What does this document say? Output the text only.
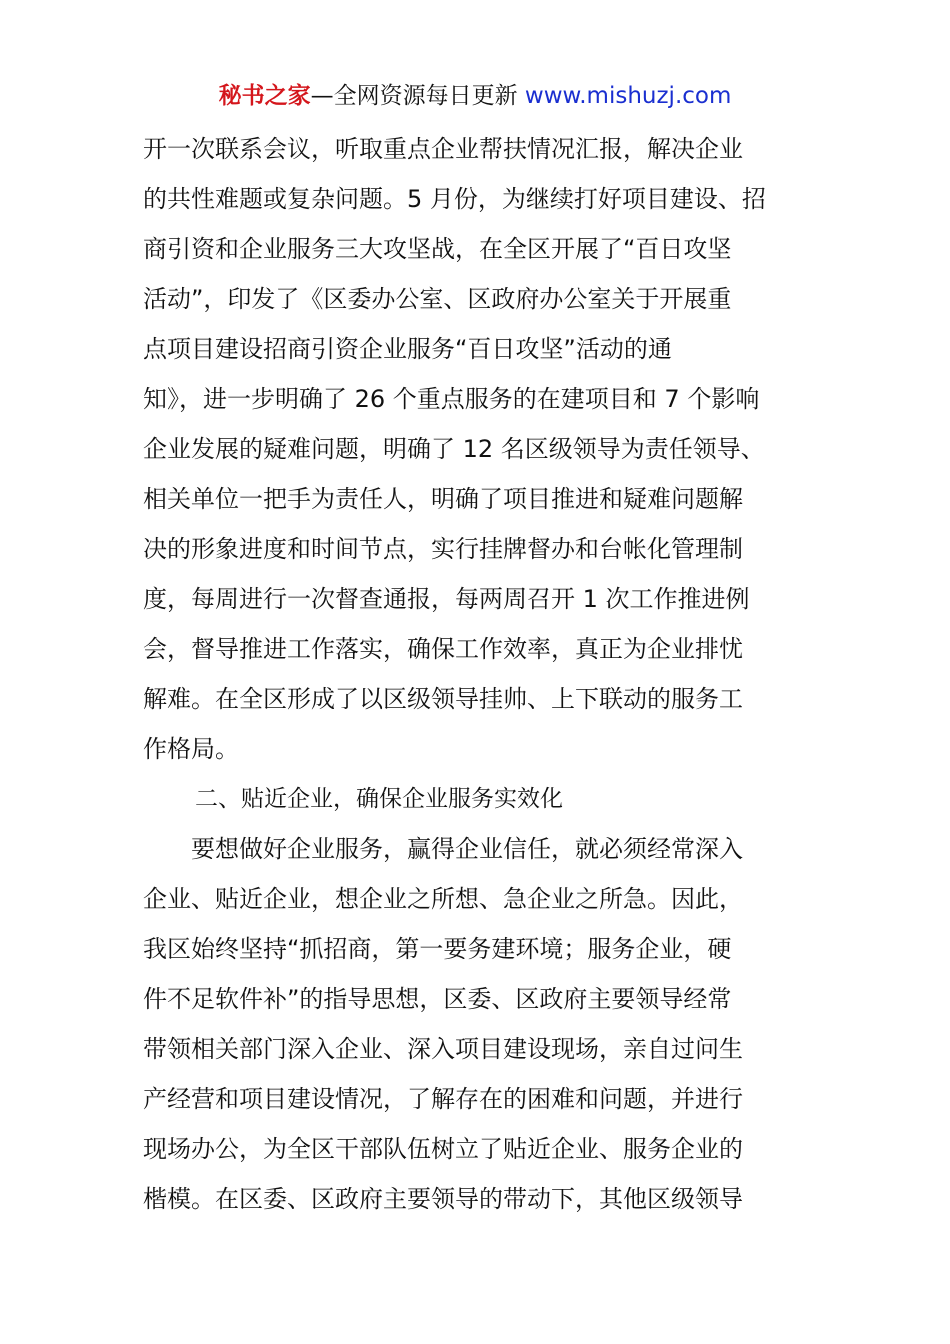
秘书之家—全网资源每日更新 www.mishuzj.com
开一次联系会议，听取重点企业帮扶情况汇报，解决企业
的共性难题或复杂问题。5 月份，为继续打好项目建设、招
商引资和企业服务三大攻坚战，在全区开展了“百日攻坚
活动”，印发了《区委办公室、区政府办公室关于开展重
点项目建设招商引资企业服务“百日攻坚”活动的通
知》，进一步明确了 26 个重点服务的在建项目和 7 个影响
企业发展的疑难问题，明确了 12 名区级领导为责任领导、
相关单位一把手为责任人，明确了项目推进和疑难问题解
决的形象进度和时间节点，实行挂牌督办和台帐化管理制
度，每周进行一次督查通报，每两周召开 1 次工作推进例
会，督导推进工作落实，确保工作效率，真正为企业排忧
解难。在全区形成了以区级领导挂帅、上下联动的服务工
作格局。
二、贴近企业，确保企业服务实效化
要想做好企业服务，赢得企业信任，就必须经常深入
企业、贴近企业，想企业之所想、急企业之所急。因此，
我区始终坚持“抓招商，第一要务建环境；服务企业，硬
件不足软件补”的指导思想，区委、区政府主要领导经常
带领相关部门深入企业、深入项目建设现场，亲自过问生
产经营和项目建设情况，了解存在的困难和问题，并进行
现场办公，为全区干部队伍树立了贴近企业、服务企业的
楷模。在区委、区政府主要领导的带动下，其他区级领导
